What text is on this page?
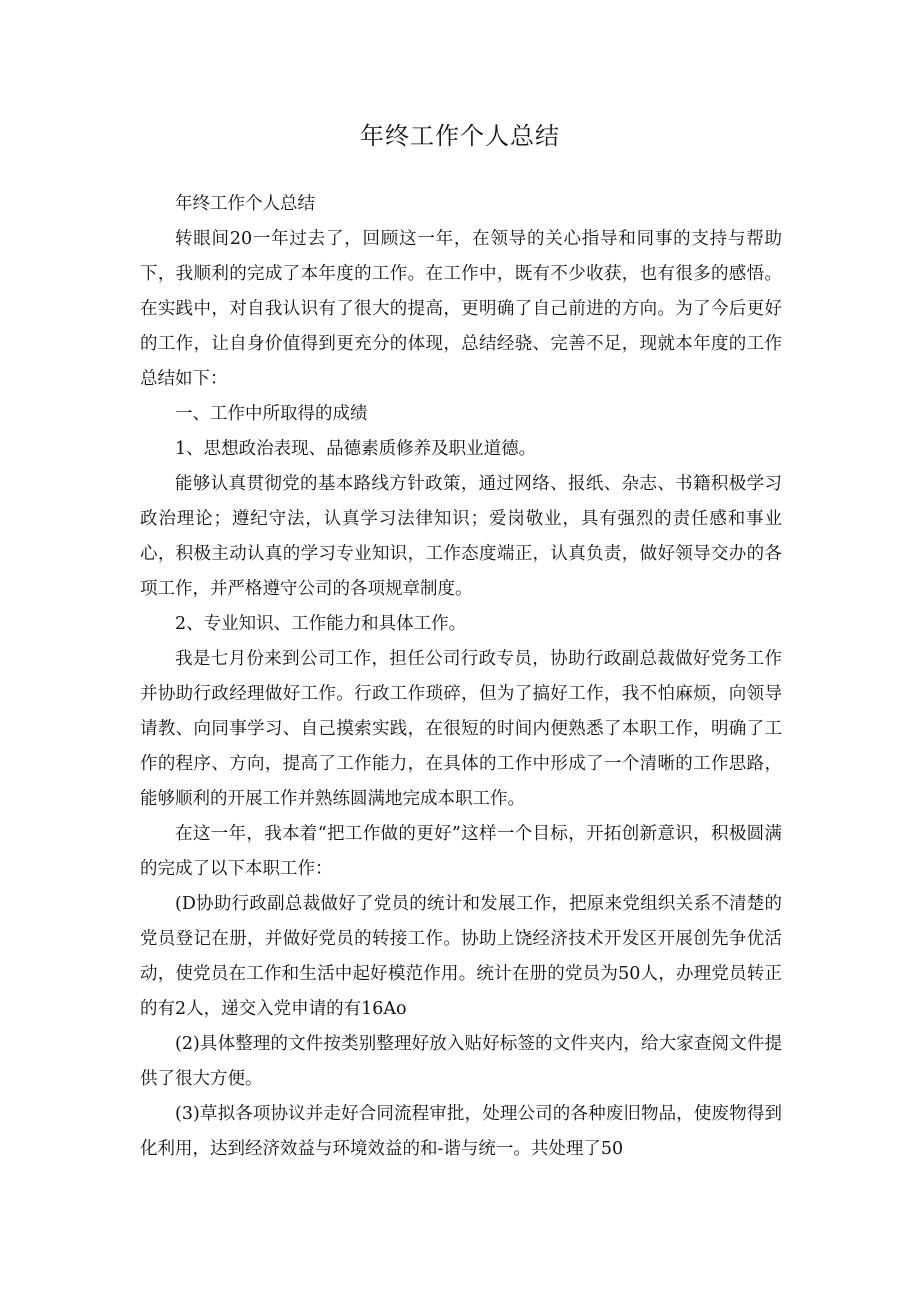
年终工作个人总结

年终工作个人总结

转眼间20一年过去了，回顾这一年，在领导的关心指导和同事的支持与帮助下，我顺利的完成了本年度的工作。在工作中，既有不少收获，也有很多的感悟。在实践中，对自我认识有了很大的提高，更明确了自己前进的方向。为了今后更好的工作，让自身价值得到更充分的体现，总结经骁、完善不足，现就本年度的工作总结如下：

一、工作中所取得的成绩

1、思想政治表现、品德素质修养及职业道德。

能够认真贯彻党的基本路线方针政策，通过网络、报纸、杂志、书籍积极学习政治理论；遵纪守法，认真学习法律知识；爱岗敬业，具有强烈的责任感和事业心，积极主动认真的学习专业知识，工作态度端正，认真负责，做好领导交办的各项工作，并严格遵守公司的各项规章制度。

2、专业知识、工作能力和具体工作。

我是七月份来到公司工作，担任公司行政专员，协助行政副总裁做好党务工作并协助行政经理做好工作。行政工作琐碎，但为了搞好工作，我不怕麻烦，向领导请教、向同事学习、自己摸索实践，在很短的时间内便熟悉了本职工作，明确了工作的程序、方向，提高了工作能力，在具体的工作中形成了一个清晰的工作思路，能够顺利的开展工作并熟练圆满地完成本职工作。

在这一年，我本着“把工作做的更好”这样一个目标，开拓创新意识，积极圆满的完成了以下本职工作：

(D协助行政副总裁做好了党员的统计和发展工作，把原来党组织关系不清楚的党员登记在册，并做好党员的转接工作。协助上饶经济技术开发区开展创先争优活动，使党员在工作和生活中起好模范作用。统计在册的党员为50人，办理党员转正的有2人，递交入党申请的有16Ao

(2)具体整理的文件按类别整理好放入贴好标签的文件夹内，给大家查阅文件提供了很大方便。

(3)草拟各项协议并走好合同流程审批，处理公司的各种废旧物品，使废物得到化利用，达到经济效益与环境效益的和-谐与统一。共处理了50
